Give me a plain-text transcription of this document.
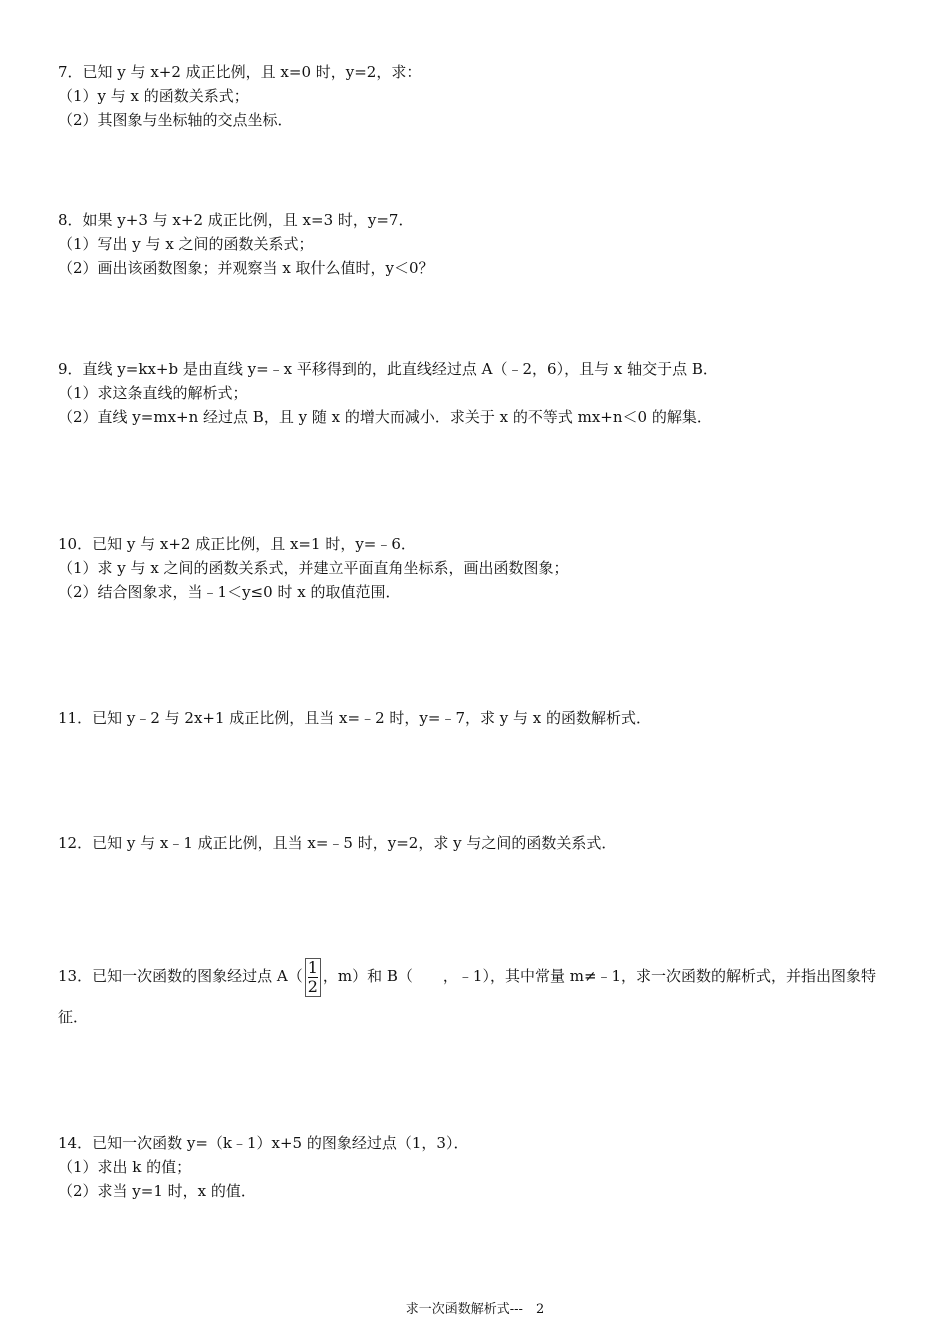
7．已知 y 与 x+2 成正比例，且 x=0 时，y=2，求：
（1）y 与 x 的函数关系式；
（2）其图象与坐标轴的交点坐标．
8．如果 y+3 与 x+2 成正比例，且 x=3 时，y=7．
（1）写出 y 与 x 之间的函数关系式；
（2）画出该函数图象；并观察当 x 取什么值时，y＜0？
9．直线 y=kx+b 是由直线 y=﹣x 平移得到的，此直线经过点 A（﹣2，6），且与 x 轴交于点 B．
（1）求这条直线的解析式；
（2）直线 y=mx+n 经过点 B，且 y 随 x 的增大而减小．求关于 x 的不等式 mx+n＜0 的解集．
10．已知 y 与 x+2 成正比例，且 x=1 时，y=﹣6．
（1）求 y 与 x 之间的函数关系式，并建立平面直角坐标系，画出函数图象；
（2）结合图象求，当﹣1＜y≤0 时 x 的取值范围．
11．已知 y﹣2 与 2x+1 成正比例，且当 x=﹣2 时，y=﹣7，求 y 与 x 的函数解析式．
12．已知 y 与 x﹣1 成正比例，且当 x=﹣5 时，y=2，求 y 与之间的函数关系式．
13．已知一次函数的图象经过点 $A( \frac{1}{2}$ ，m）和 B（　　，﹣1），其中常量 m≠﹣1，求一次函数的解析式，并指出图象特征．
14．已知一次函数 y=（k﹣1）x+5 的图象经过点（1，3）．
（1）求出 k 的值；
（2）求当 y=1 时，x 的值．
求一次函数解析式---　2
